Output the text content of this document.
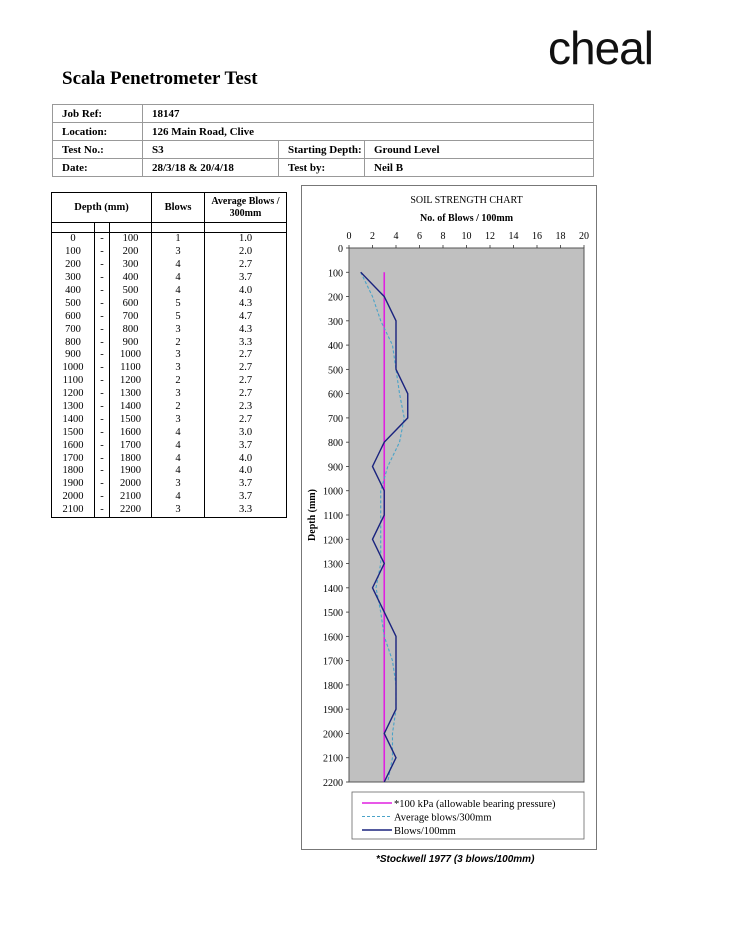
cheal
Scala Penetrometer Test
Job Ref:	18147		
Location:	126 Main Road, Clive		
Test No.:	S3	Starting Depth:	Ground Level
Date:	28/3/18 & 20/4/18	Test by:	Neil B
Depth (mm)			Blows	Average Blows / 300mm

0	-	100	1	1.0
100	-	200	3	2.0
200	-	300	4	2.7
300	-	400	4	3.7
400	-	500	4	4.0
500	-	600	5	4.3
600	-	700	5	4.7
700	-	800	3	4.3
800	-	900	2	3.3
900	-	1000	3	2.7
1000	-	1100	3	2.7
1100	-	1200	2	2.7
1200	-	1300	3	2.7
1300	-	1400	2	2.3
1400	-	1500	3	2.7
1500	-	1600	4	3.0
1600	-	1700	4	3.7
1700	-	1800	4	4.0
1800	-	1900	4	4.0
1900	-	2000	3	3.7
2000	-	2100	4	3.7
2100	-	2200	3	3.3
SOIL STRENGTH CHART
No. of Blows / 100mm
0 2 4 6 8 10 12 14 16 18 20
0
100
200
300
400
500
600
700
800
900
1000
1100
1200
1300
1400
1500
1600
1700
1800
1900
2000
2100
2200
Depth (mm)
*100 kPa (allowable bearing pressure)
Average blows/300mm
Blows/100mm
*Stockwell 1977 (3 blows/100mm)
